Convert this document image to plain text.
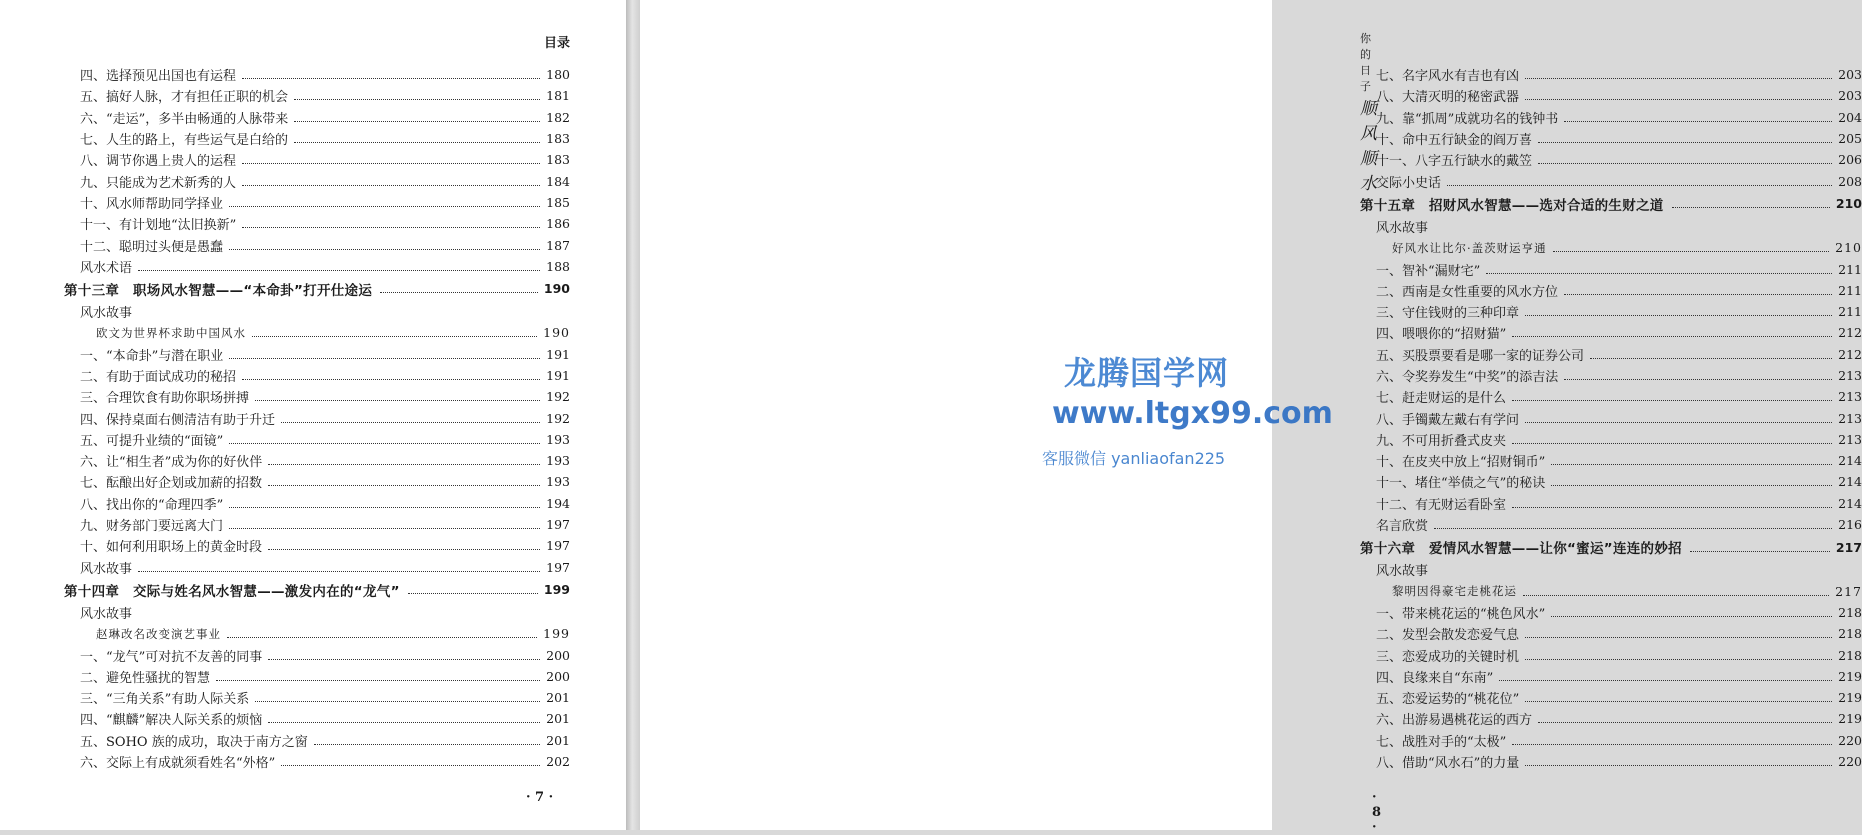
目录
四、选择预见出国也有运程	180
五、搞好人脉，才有担任正职的机会	181
六、“走运”，多半由畅通的人脉带来	182
七、人生的路上，有些运气是白给的	183
八、调节你遇上贵人的运程	183
九、只能成为艺术新秀的人	184
十、风水师帮助同学择业	185
十一、有计划地“汰旧换新”	186
十二、聪明过头便是愚蠢	187
风水术语	188
第十三章　职场风水智慧——“本命卦”打开仕途运	190
风水故事
欧文为世界杯求助中国风水	190
一、“本命卦”与潜在职业	191
二、有助于面试成功的秘招	191
三、合理饮食有助你职场拼搏	192
四、保持桌面右侧清洁有助于升迁	192
五、可提升业绩的“面镜”	193
六、让“相生者”成为你的好伙伴	193
七、酝酿出好企划或加薪的招数	193
八、找出你的“命理四季”	194
九、财务部门要远离大门	197
十、如何利用职场上的黄金时段	197
风水故事	197
第十四章　交际与姓名风水智慧——激发内在的“龙气”	199
风水故事
赵琳改名改变演艺事业	199
一、“龙气”可对抗不友善的同事	200
二、避免性骚扰的智慧	200
三、“三角关系”有助人际关系	201
四、“麒麟”解决人际关系的烦恼	201
五、SOHO 族的成功，取决于南方之窗	201
六、交际上有成就须看姓名“外格”	202
· 7 ·
你的日子顺风顺水
七、名字风水有吉也有凶	203
八、大清灭明的秘密武器	203
九、靠“抓周”成就功名的钱钟书	204
十、命中五行缺金的阎万喜	205
十一、八字五行缺水的戴笠	206
交际小史话	208
第十五章　招财风水智慧——选对合适的生财之道	210
风水故事
好风水让比尔·盖茨财运亨通	210
一、智补“漏财宅”	211
二、西南是女性重要的风水方位	211
三、守住钱财的三种印章	211
四、喂喂你的“招财猫”	212
五、买股票要看是哪一家的证券公司	212
六、令奖券发生“中奖”的添吉法	213
七、赶走财运的是什么	213
八、手镯戴左戴右有学问	213
九、不可用折叠式皮夹	213
十、在皮夹中放上“招财铜币”	214
十一、堵住“举债之气”的秘诀	214
十二、有无财运看卧室	214
名言欣赏	216
第十六章　爱情风水智慧——让你“蜜运”连连的妙招	217
风水故事
黎明因得豪宅走桃花运	217
一、带来桃花运的“桃色风水”	218
二、发型会散发恋爱气息	218
三、恋爱成功的关键时机	218
四、良缘来自“东南”	219
五、恋爱运势的“桃花位”	219
六、出游易遇桃花运的西方	219
七、战胜对手的“太极”	220
八、借助“风水石”的力量	220
· 8 ·
龙腾国学网
www.ltgx99.com
客服微信 yanliaofan225
